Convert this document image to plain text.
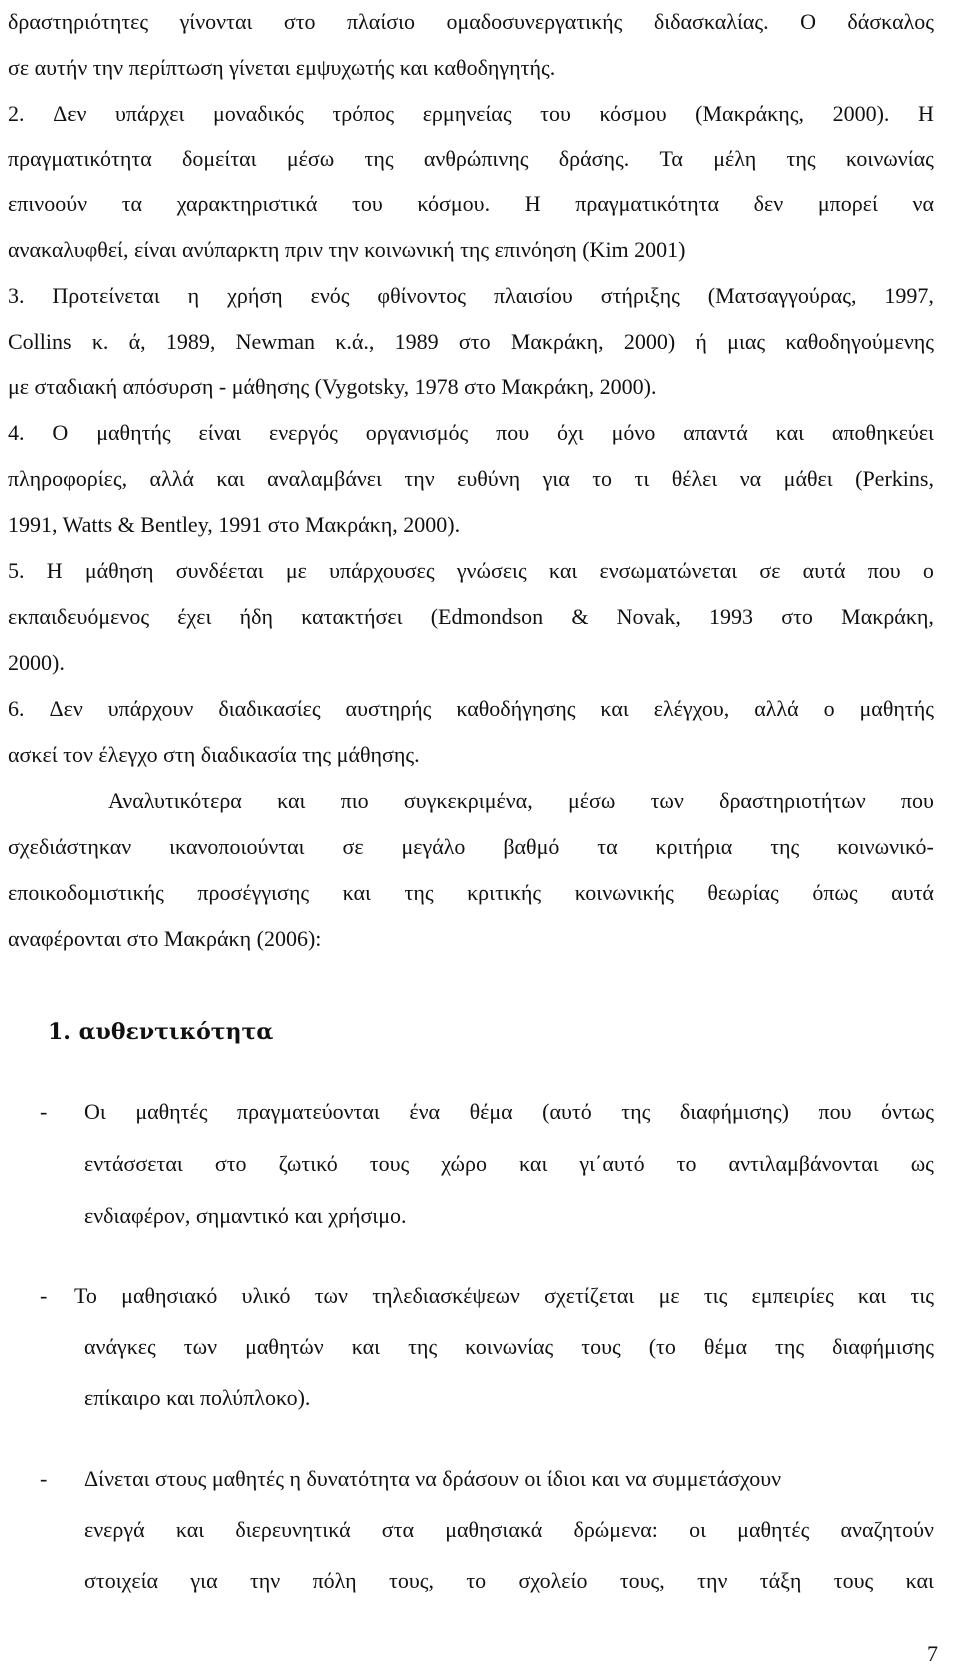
δραστηριότητες γίνονται στο πλαίσιο ομαδοσυνεργατικής διδασκαλίας. Ο δάσκαλος
σε αυτήν την περίπτωση γίνεται εμψυχωτής και καθοδηγητής.
2. Δεν υπάρχει μοναδικός τρόπος ερμηνείας του κόσμου (Μακράκης, 2000). Η
πραγματικότητα δομείται μέσω της ανθρώπινης δράσης. Τα μέλη της κοινωνίας
επινοούν τα χαρακτηριστικά του κόσμου. Η πραγματικότητα δεν μπορεί να
ανακαλυφθεί, είναι ανύπαρκτη πριν την κοινωνική της επινόηση (Kim 2001)
3. Προτείνεται η χρήση ενός φθίνοντος πλαισίου στήριξης (Ματσαγγούρας, 1997,
Collins κ. ά, 1989, Newman κ.ά., 1989 στο Μακράκη, 2000) ή μιας καθοδηγούμενης
με σταδιακή απόσυρση - μάθησης (Vygotsky, 1978 στο Μακράκη, 2000).
4. Ο μαθητής είναι ενεργός οργανισμός που όχι μόνο απαντά και αποθηκεύει
πληροφορίες, αλλά και αναλαμβάνει την ευθύνη για το τι θέλει να μάθει (Perkins,
1991, Watts & Bentley, 1991 στο Μακράκη, 2000).
5. Η μάθηση συνδέεται με υπάρχουσες γνώσεις και ενσωματώνεται σε αυτά που ο
εκπαιδευόμενος έχει ήδη κατακτήσει (Edmondson & Novak, 1993 στο Μακράκη,
2000).
6. Δεν υπάρχουν διαδικασίες αυστηρής καθοδήγησης και ελέγχου, αλλά ο μαθητής
ασκεί τον έλεγχο στη διαδικασία της μάθησης.
Αναλυτικότερα και πιο συγκεκριμένα, μέσω των δραστηριοτήτων που
σχεδιάστηκαν ικανοποιούνται σε μεγάλο βαθμό τα κριτήρια της κοινωνικό-
εποικοδομιστικής προσέγγισης και της κριτικής κοινωνικής θεωρίας όπως αυτά
αναφέρονται στο Μακράκη (2006):
1. αυθεντικότητα
- Οι μαθητές πραγματεύονται ένα θέμα (αυτό της διαφήμισης) που όντως
εντάσσεται στο ζωτικό τους χώρο και γι΄αυτό το αντιλαμβάνονται ως
ενδιαφέρον, σημαντικό και χρήσιμο.
- Το μαθησιακό υλικό των τηλεδιασκέψεων σχετίζεται με τις εμπειρίες και τις
ανάγκες των μαθητών και της κοινωνίας τους (το θέμα της διαφήμισης
επίκαιρο και πολύπλοκο).
- Δίνεται στους μαθητές η δυνατότητα να δράσουν οι ίδιοι και να συμμετάσχουν
ενεργά και διερευνητικά στα μαθησιακά δρώμενα: οι μαθητές αναζητούν
στοιχεία για την πόλη τους, το σχολείο τους, την τάξη τους και
7
